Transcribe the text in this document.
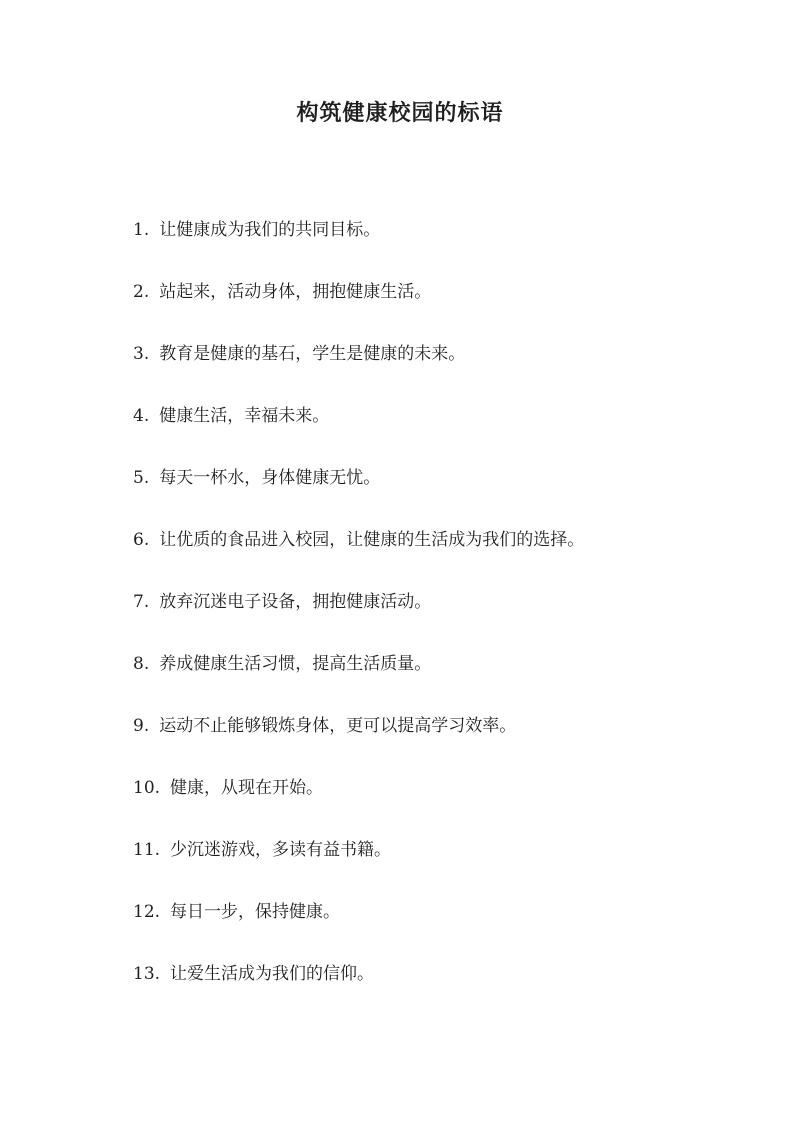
构筑健康校园的标语
1. 让健康成为我们的共同目标。
2. 站起来，活动身体，拥抱健康生活。
3. 教育是健康的基石，学生是健康的未来。
4. 健康生活，幸福未来。
5. 每天一杯水，身体健康无忧。
6. 让优质的食品进入校园，让健康的生活成为我们的选择。
7. 放弃沉迷电子设备，拥抱健康活动。
8. 养成健康生活习惯，提高生活质量。
9. 运动不止能够锻炼身体，更可以提高学习效率。
10. 健康，从现在开始。
11. 少沉迷游戏，多读有益书籍。
12. 每日一步，保持健康。
13. 让爱生活成为我们的信仰。
